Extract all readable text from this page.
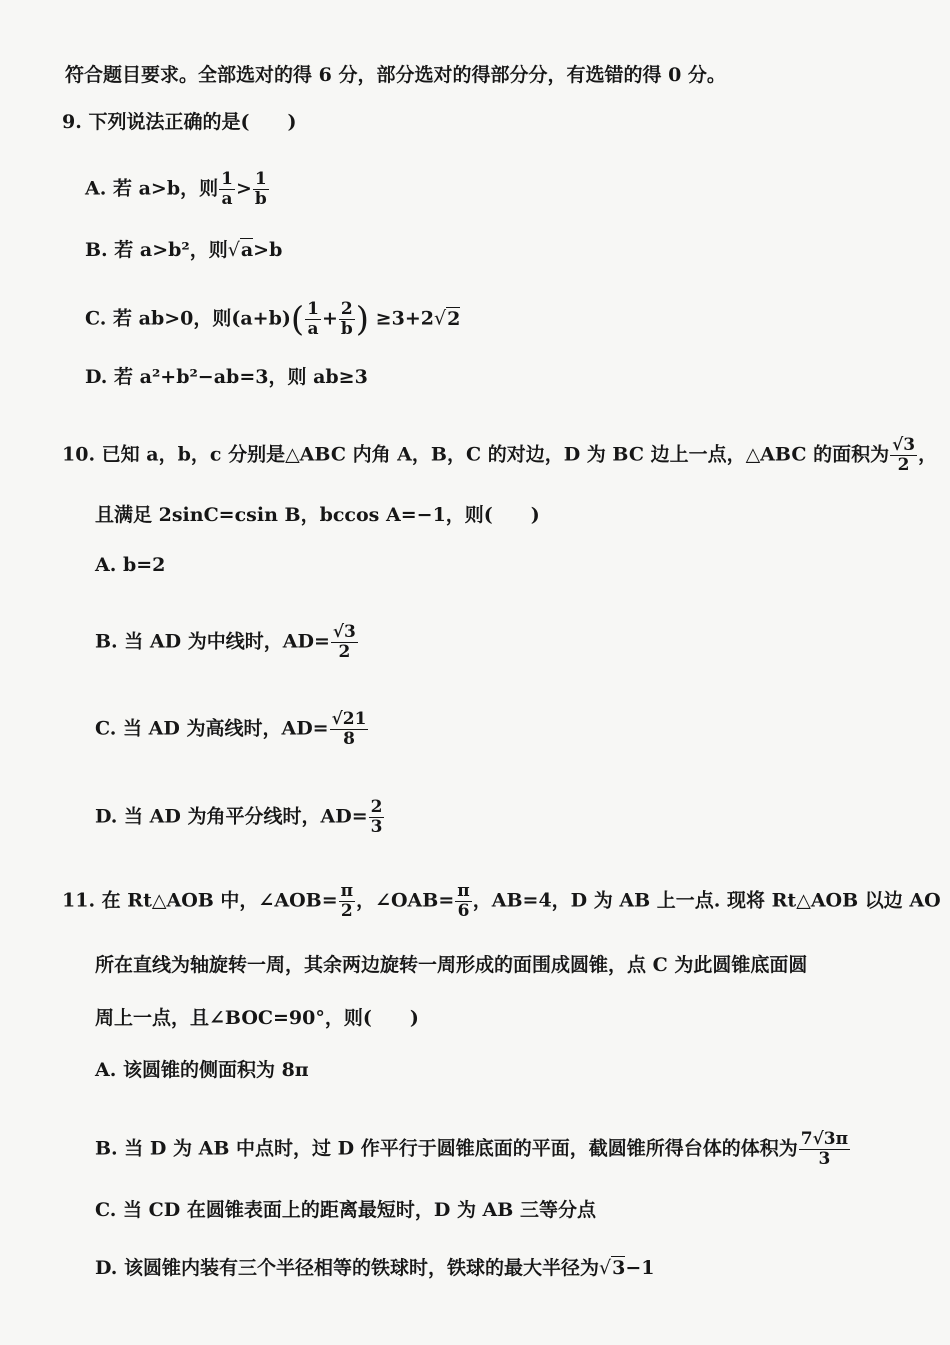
符合题目要求。全部选对的得 6 分，部分选对的得部分分，有选错的得 0 分。
9. 下列说法正确的是(　　)
A. 若 a>b，则 $\frac{1}{a} > \frac{1}{b}$
B. 若 a>b²，则√a>b
C. 若 ab>0，则$(a+b)( \frac{1}{a} + \frac{2}{b}$ ) ≥3+2√2
D. 若 a²+b²−ab=3，则 ab≥3
10. 已知 a，b，c 分别是△ABC 内角 A，B，C 的对边，D 为 BC 边上一点，△ABC 的面积为 $\frac{√3}{2}$ ，
且满足 2sinC=csin B，bccos A=−1，则(　　)
A. b=2
B. 当 AD 为中线时，$AD= \frac{√3}{2}$
C. 当 AD 为高线时，$AD= \frac{√21}{8}$
D. 当 AD 为角平分线时，$AD= \frac{2}{3}$
11. 在 Rt△AOB 中，∠AOB= $\frac{\pi}{2}$ ，∠OAB= $\frac{\pi}{6}$ ，AB=4，D 为 AB 上一点. 现将 Rt△AOB 以边 AO
所在直线为轴旋转一周，其余两边旋转一周形成的面围成圆锥，点 C 为此圆锥底面圆
周上一点，且∠BOC=90°，则(　　)
A. 该圆锥的侧面积为 8π
B. 当 D 为 AB 中点时，过 D 作平行于圆锥底面的平面，截圆锥所得台体的体积为 $\frac{7√3\pi}{3}$
C. 当 CD 在圆锥表面上的距离最短时，D 为 AB 三等分点
D. 该圆锥内装有三个半径相等的铁球时，铁球的最大半径为√3−1
